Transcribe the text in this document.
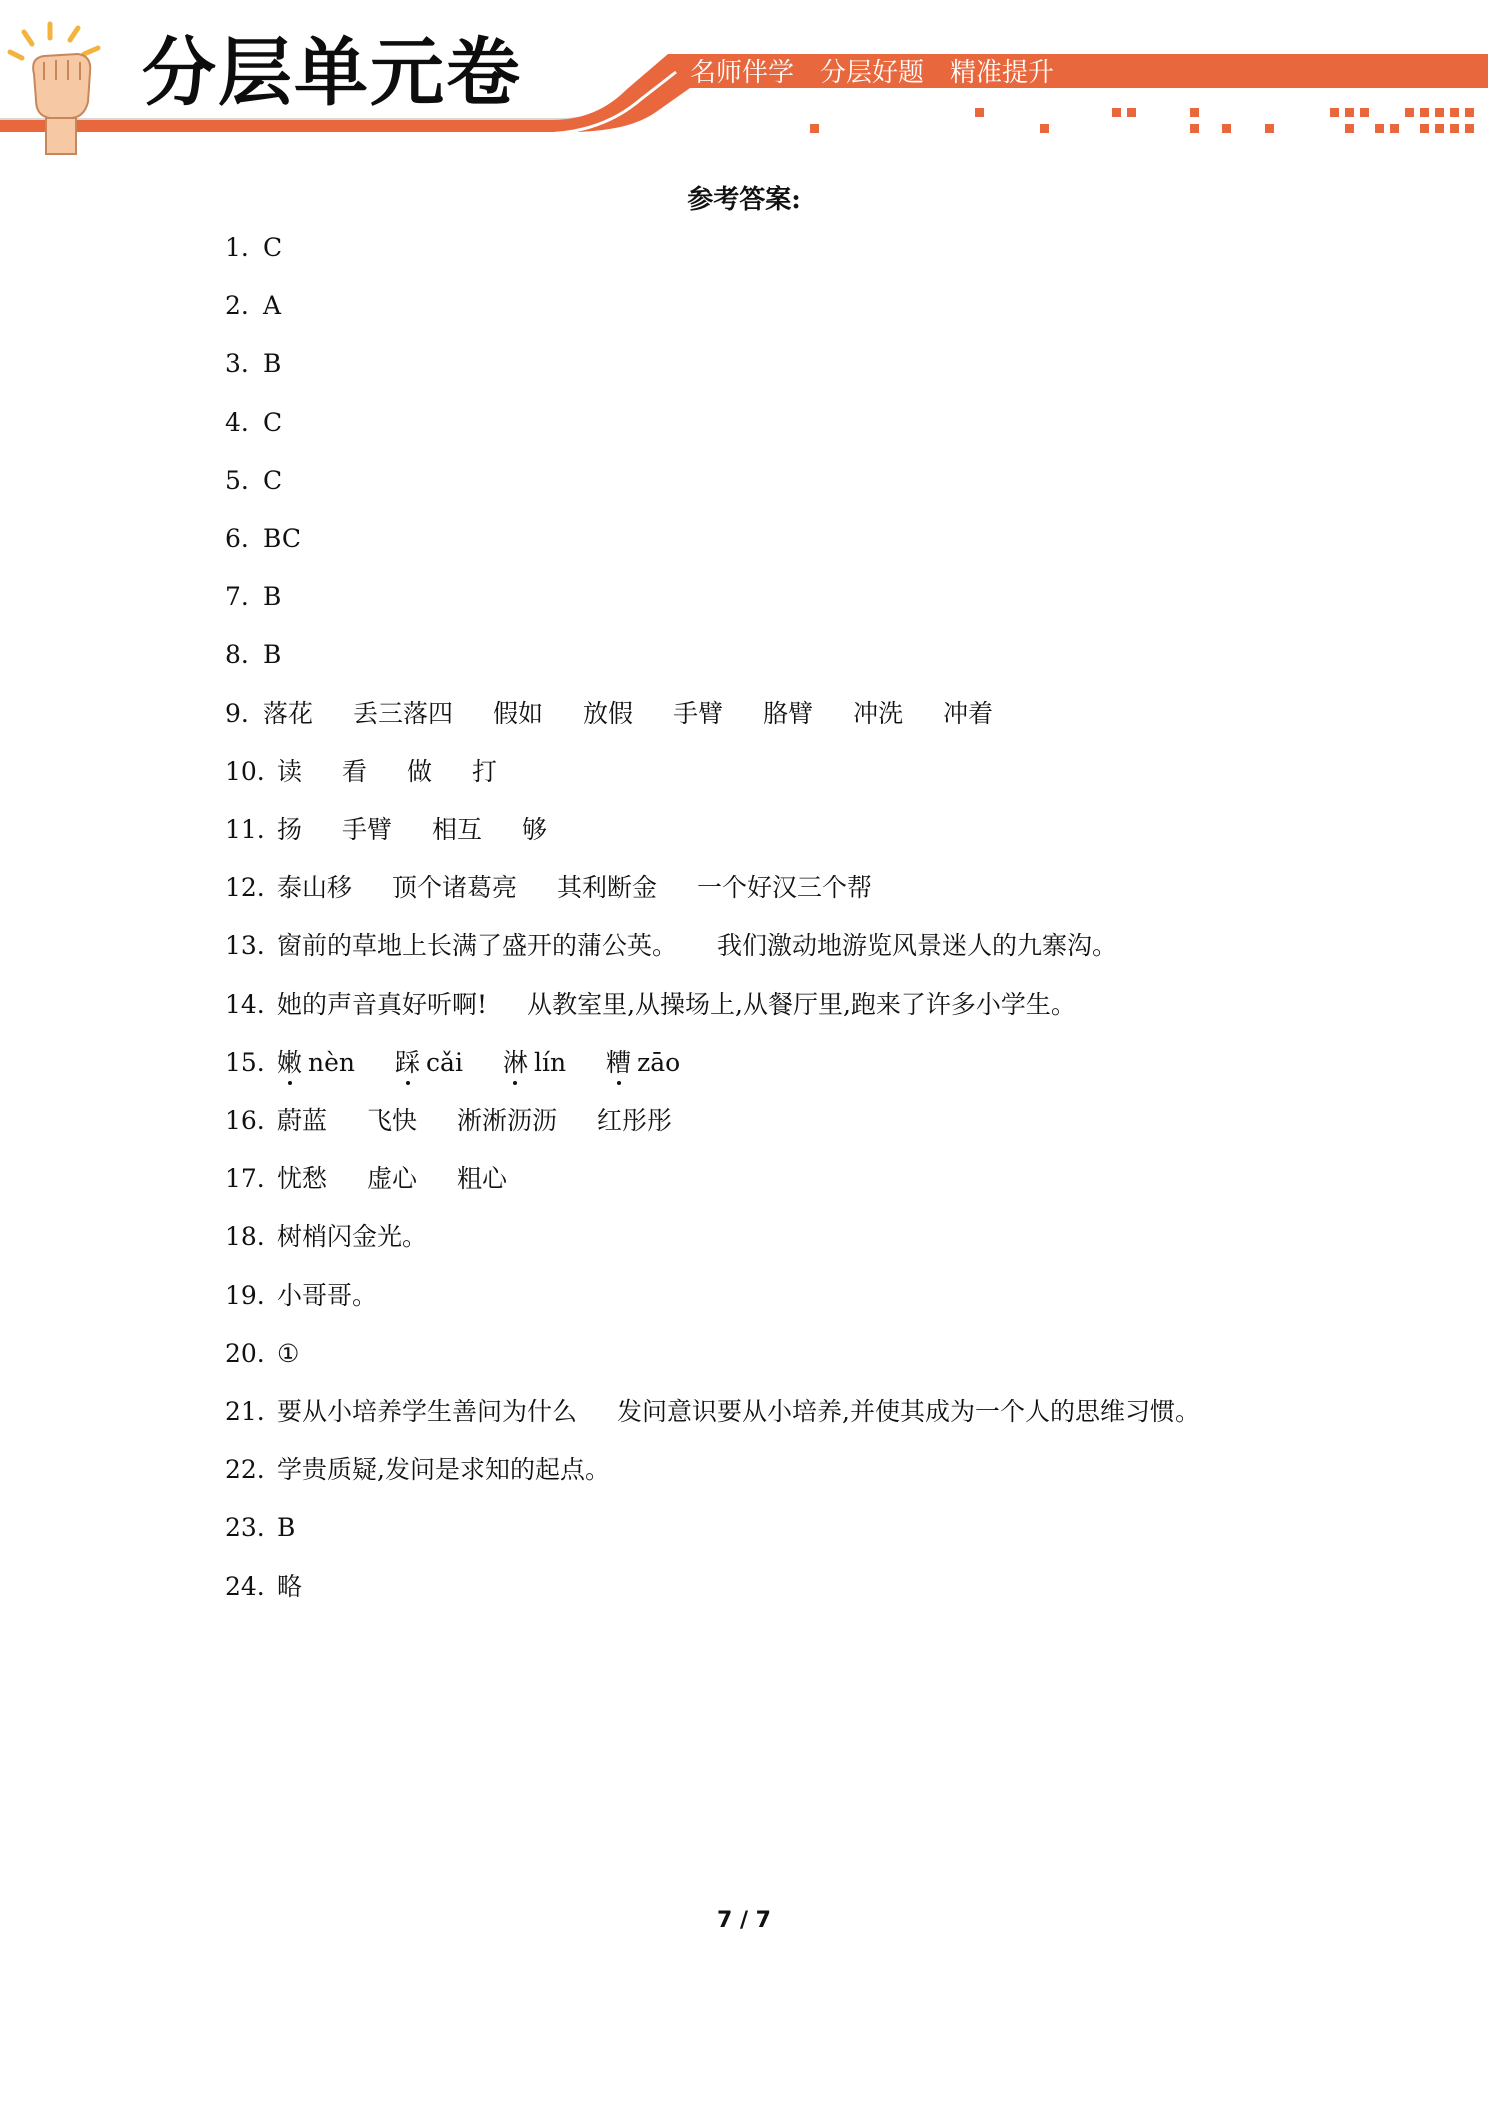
分层单元卷	名师伴学 分层好题 精准提升
参考答案:
1. C
2. A
3. B
4. C
5. C
6. BC
7. B
8. B
9. 落花 丢三落四 假如 放假 手臂 胳臂 冲洗 冲着
10. 读 看 做 打
11. 扬 手臂 相互 够
12. 泰山移 顶个诸葛亮 其利断金 一个好汉三个帮
13. 窗前的草地上长满了盛开的蒲公英。 我们激动地游览风景迷人的九寨沟。
14. 她的声音真好听啊! 从教室里,从操场上,从餐厅里,跑来了许多小学生。
15. 嫩 nèn 踩 cǎi 淋 lín 糟 zāo
16. 蔚蓝 飞快 淅淅沥沥 红彤彤
17. 忧愁 虚心 粗心
18. 树梢闪金光。
19. 小哥哥。
20. ①
21. 要从小培养学生善问为什么 发问意识要从小培养,并使其成为一个人的思维习惯。
22. 学贵质疑,发问是求知的起点。
23. B
24. 略
7 / 7
